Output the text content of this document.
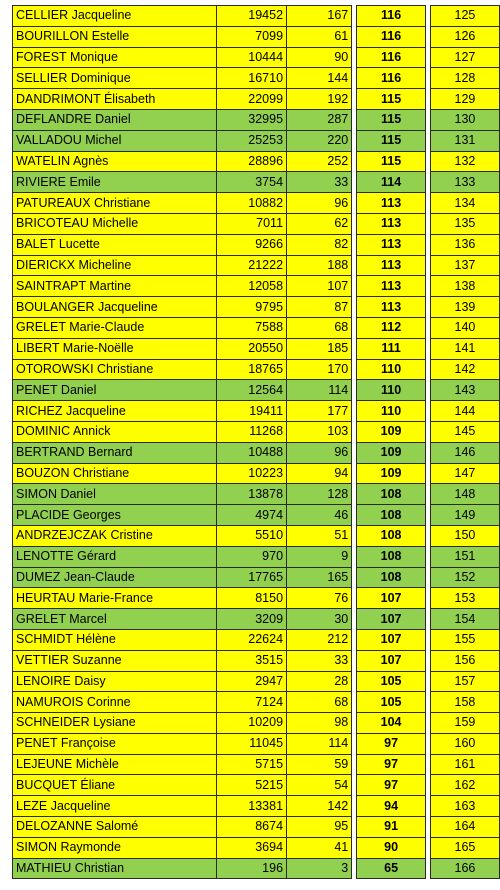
CELLIER Jacqueline	19452	167		116		125
BOURILLON Estelle	7099	61		116		126
FOREST Monique	10444	90		116		127
SELLIER Dominique	16710	144		116		128
DANDRIMONT Élisabeth	22099	192		115		129
DEFLANDRE Daniel	32995	287		115		130
VALLADOU Michel	25253	220		115		131
WATELIN Agnès	28896	252		115		132
RIVIERE Emile	3754	33		114		133
PATUREAUX Christiane	10882	96		113		134
BRICOTEAU Michelle	7011	62		113		135
BALET Lucette	9266	82		113		136
DIERICKX Micheline	21222	188		113		137
SAINTRAPT Martine	12058	107		113		138
BOULANGER Jacqueline	9795	87		113		139
GRELET Marie-Claude	7588	68		112		140
LIBERT Marie-Noëlle	20550	185		111		141
OTOROWSKI Christiane	18765	170		110		142
PENET Daniel	12564	114		110		143
RICHEZ Jacqueline	19411	177		110		144
DOMINIC Annick	11268	103		109		145
BERTRAND Bernard	10488	96		109		146
BOUZON Christiane	10223	94		109		147
SIMON Daniel	13878	128		108		148
PLACIDE Georges	4974	46		108		149
ANDRZEJCZAK Cristine	5510	51		108		150
LENOTTE Gérard	970	9		108		151
DUMEZ Jean-Claude	17765	165		108		152
HEURTAU Marie-France	8150	76		107		153
GRELET Marcel	3209	30		107		154
SCHMIDT Hélène	22624	212		107		155
VETTIER Suzanne	3515	33		107		156
LENOIRE Daisy	2947	28		105		157
NAMUROIS Corinne	7124	68		105		158
SCHNEIDER Lysiane	10209	98		104		159
PENET Françoise	11045	114		97		160
LEJEUNE Michèle	5715	59		97		161
BUCQUET Éliane	5215	54		97		162
LEZE Jacqueline	13381	142		94		163
DELOZANNE Salomé	8674	95		91		164
SIMON Raymonde	3694	41		90		165
MATHIEU Christian	196	3		65		166
